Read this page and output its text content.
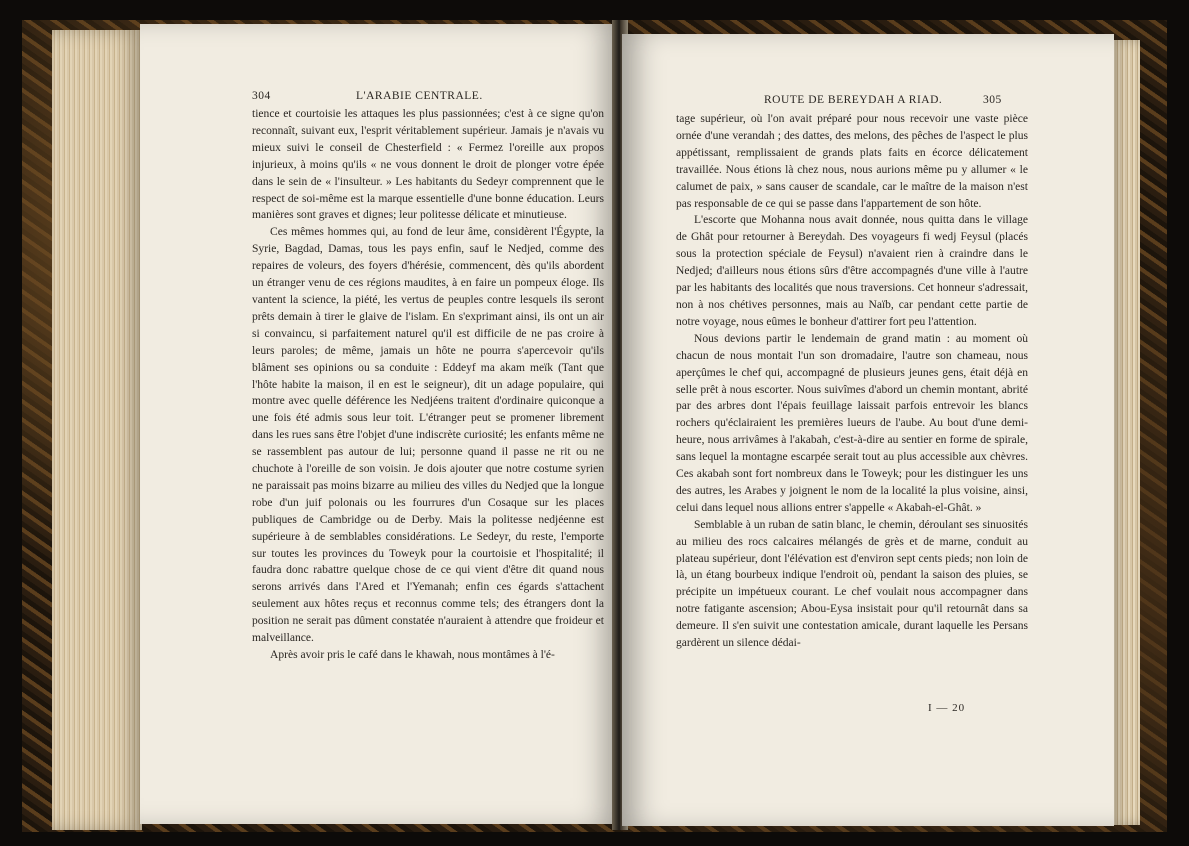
304	L'ARABIE CENTRALE.

tience et courtoisie les attaques les plus passionnées; c'est à ce signe qu'on reconnaît, suivant eux, l'esprit véritablement supérieur. Jamais je n'avais vu mieux suivi le conseil de Chesterfield : « Fermez l'oreille aux propos injurieux, à moins qu'ils « ne vous donnent le droit de plonger votre épée dans le sein de « l'insulteur. » Les habitants du Sedeyr comprennent que le respect de soi-même est la marque essentielle d'une bonne éducation. Leurs manières sont graves et dignes; leur politesse délicate et minutieuse.

Ces mêmes hommes qui, au fond de leur âme, considèrent l'Égypte, la Syrie, Bagdad, Damas, tous les pays enfin, sauf le Nedjed, comme des repaires de voleurs, des foyers d'hérésie, commencent, dès qu'ils abordent un étranger venu de ces régions maudites, à en faire un pompeux éloge. Ils vantent la science, la piété, les vertus de peuples contre lesquels ils seront prêts demain à tirer le glaive de l'islam. En s'exprimant ainsi, ils ont un air si convaincu, si parfaitement naturel qu'il est difficile de ne pas croire à leurs paroles; de même, jamais un hôte ne pourra s'apercevoir qu'ils blâment ses opinions ou sa conduite : Eddeyf ma akam meïk (Tant que l'hôte habite la maison, il en est le seigneur), dit un adage populaire, qui montre avec quelle déférence les Nedjéens traitent d'ordinaire quiconque a une fois été admis sous leur toit. L'étranger peut se promener librement dans les rues sans être l'objet d'une indiscrète curiosité; les enfants même ne se rassemblent pas autour de lui; personne quand il passe ne rit ou ne chuchote à l'oreille de son voisin. Je dois ajouter que notre costume syrien ne paraissait pas moins bizarre au milieu des villes du Nedjed que la longue robe d'un juif polonais ou les fourrures d'un Cosaque sur les places publiques de Cambridge ou de Derby. Mais la politesse nedjéenne est supérieure à de semblables considérations. Le Sedeyr, du reste, l'emporte sur toutes les provinces du Toweyk pour la courtoisie et l'hospitalité; il faudra donc rabattre quelque chose de ce qui vient d'être dit quand nous serons arrivés dans l'Ared et l'Yemanah; enfin ces égards s'attachent seulement aux hôtes reçus et reconnus comme tels; des étrangers dont la position ne serait pas dûment constatée n'auraient à attendre que froideur et malveillance.

Après avoir pris le café dans le khawah, nous montâmes à l'é-

ROUTE DE BEREYDAH A RIAD.	305

tage supérieur, où l'on avait préparé pour nous recevoir une vaste pièce ornée d'une verandah ; des dattes, des melons, des pêches de l'aspect le plus appétissant, remplissaient de grands plats faits en écorce délicatement travaillée. Nous étions là chez nous, nous aurions même pu y allumer « le calumet de paix, » sans causer de scandale, car le maître de la maison n'est pas responsable de ce qui se passe dans l'appartement de son hôte.

L'escorte que Mohanna nous avait donnée, nous quitta dans le village de Ghât pour retourner à Bereydah. Des voyageurs fi wedj Feysul (placés sous la protection spéciale de Feysul) n'avaient rien à craindre dans le Nedjed; d'ailleurs nous étions sûrs d'être accompagnés d'une ville à l'autre par les habitants des localités que nous traversions. Cet honneur s'adressait, non à nos chétives personnes, mais au Naïb, car pendant cette partie de notre voyage, nous eûmes le bonheur d'attirer fort peu l'attention.

Nous devions partir le lendemain de grand matin : au moment où chacun de nous montait l'un son dromadaire, l'autre son chameau, nous aperçûmes le chef qui, accompagné de plusieurs jeunes gens, était déjà en selle prêt à nous escorter. Nous suivîmes d'abord un chemin montant, abrité par des arbres dont l'épais feuillage laissait parfois entrevoir les blancs rochers qu'éclairaient les premières lueurs de l'aube. Au bout d'une demi-heure, nous arrivâmes à l'akabah, c'est-à-dire au sentier en forme de spirale, sans lequel la montagne escarpée serait tout au plus accessible aux chèvres. Ces akabah sont fort nombreux dans le Toweyk; pour les distinguer les uns des autres, les Arabes y joignent le nom de la localité la plus voisine, ainsi, celui dans lequel nous allions entrer s'appelle « Akabah-el-Ghât. »

Semblable à un ruban de satin blanc, le chemin, déroulant ses sinuosités au milieu des rocs calcaires mélangés de grès et de marne, conduit au plateau supérieur, dont l'élévation est d'environ sept cents pieds; non loin de là, un étang bourbeux indique l'endroit où, pendant la saison des pluies, se précipite un impétueux courant. Le chef voulait nous accompagner dans notre fatigante ascension; Abou-Eysa insistait pour qu'il retournât dans sa demeure. Il s'en suivit une contestation amicale, durant laquelle les Persans gardèrent un silence dédai-

I — 20
